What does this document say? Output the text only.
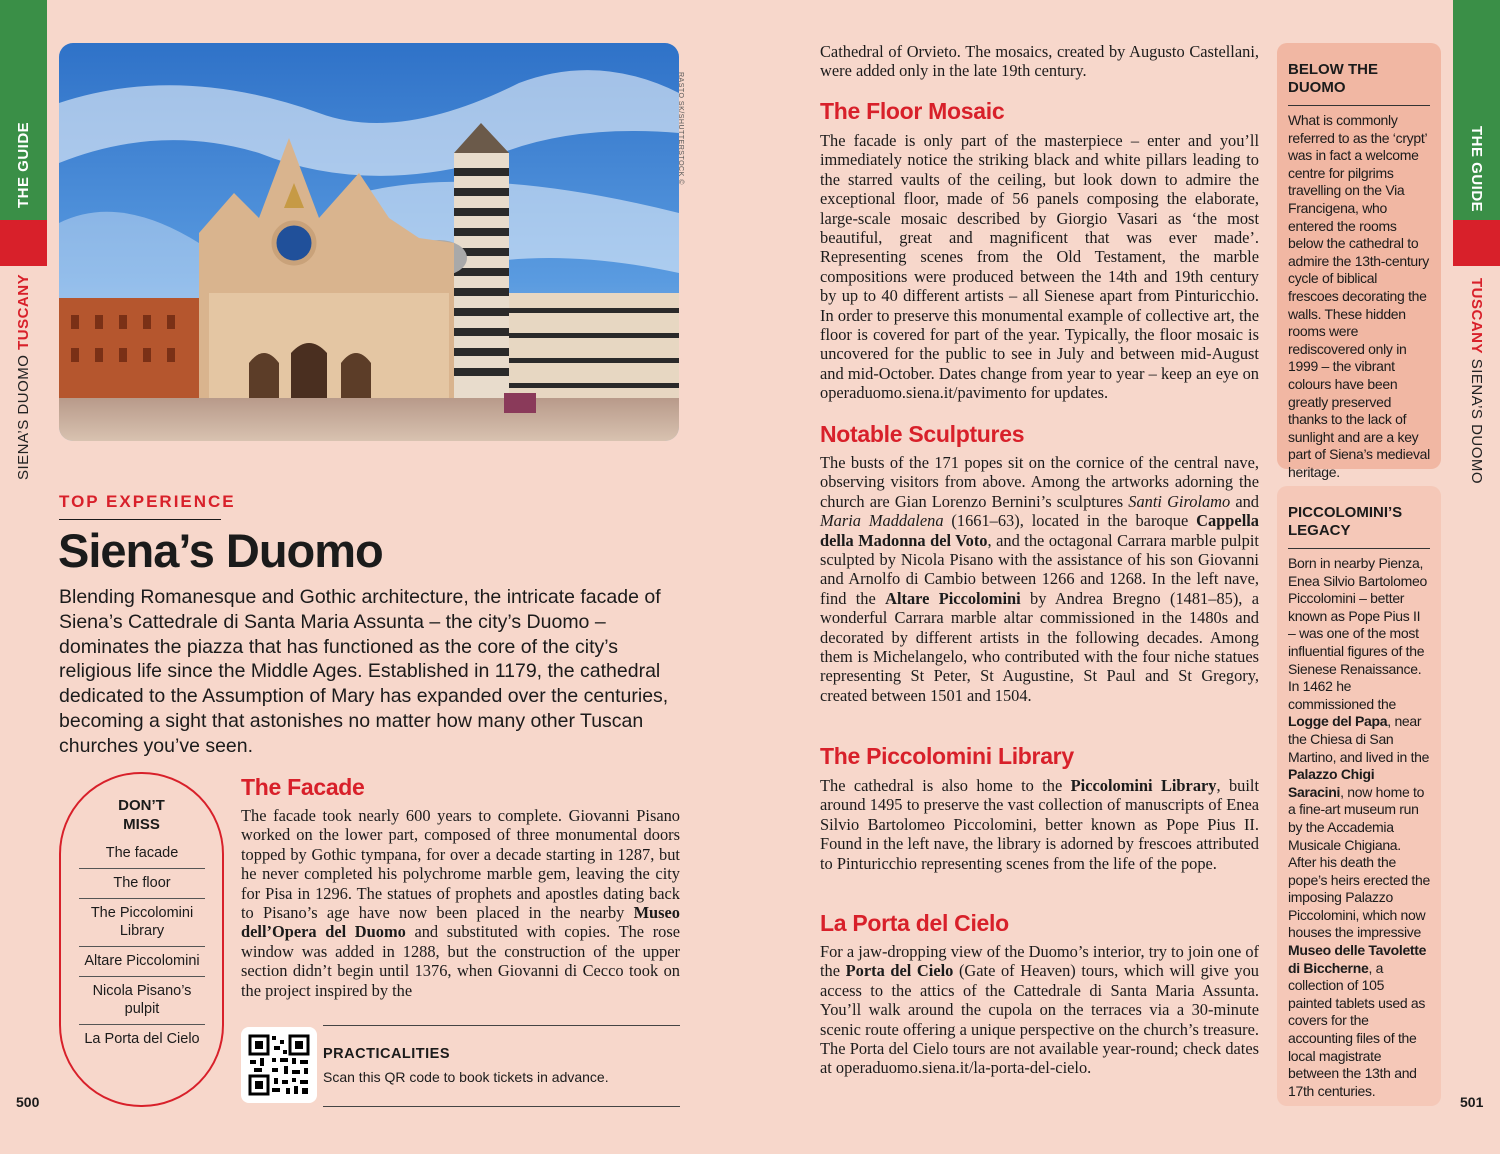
THE GUIDE
SIENA’S DUOMO TUSCANY
500
THE GUIDE
TUSCANY SIENA’S DUOMO
501
RASTO SK/SHUTTERSTOCK ©
TOP EXPERIENCE
Siena’s Duomo

Blending Romanesque and Gothic architecture, the intricate facade of Siena’s Cattedrale di Santa Maria Assunta – the city’s Duomo – dominates the piazza that has functioned as the core of the city’s religious life since the Middle Ages. Established in 1179, the cathedral dedicated to the Assumption of Mary has expanded over the centuries, becoming a sight that astonishes no matter how many other Tuscan churches you’ve seen.

DON’T MISS
The facade
The floor
The Piccolomini Library
Altare Piccolomini
Nicola Pisano’s pulpit
La Porta del Cielo
The Facade

The facade took nearly 600 years to complete. Giovanni Pisano worked on the lower part, composed of three monumental doors topped by Gothic tympana, for over a decade starting in 1287, but he never completed his polychrome marble gem, leaving the city for Pisa in 1296. The statues of prophets and apostles dating back to Pisano’s age have now been placed in the nearby Museo dell’Opera del Duomo and substituted with copies. The rose window was added in 1288, but the construction of the upper section didn’t begin until 1376, when Giovanni di Cecco took on the project inspired by the

PRACTICALITIES
Scan this QR code to book tickets in advance.

Cathedral of Orvieto. The mosaics, created by Augusto Castellani, were added only in the late 19th century.

The Floor Mosaic

The facade is only part of the masterpiece – enter and you’ll immediately notice the striking black and white pillars leading to the starred vaults of the ceiling, but look down to admire the exceptional floor, made of 56 panels composing the elaborate, large-scale mosaic described by Giorgio Vasari as ‘the most beautiful, great and magnificent that was ever made’. Representing scenes from the Old Testament, the marble compositions were produced between the 14th and 19th century by up to 40 different artists – all Sienese apart from Pinturicchio. In order to preserve this monumental example of collective art, the floor is covered for part of the year. Typically, the floor mosaic is uncovered for the public to see in July and between mid-August and mid-October. Dates change from year to year – keep an eye on operaduomo.siena.it/pavimento for updates.

Notable Sculptures

The busts of the 171 popes sit on the cornice of the central nave, observing visitors from above. Among the artworks adorning the church are Gian Lorenzo Bernini’s sculptures Santi Girolamo and Maria Maddalena (1661–63), located in the baroque Cappella della Madonna del Voto, and the octagonal Carrara marble pulpit sculpted by Nicola Pisano with the assistance of his son Giovanni and Arnolfo di Cambio between 1266 and 1268. In the left nave, find the Altare Piccolomini by Andrea Bregno (1481–85), a wonderful Carrara marble altar commissioned in the 1480s and decorated by different artists in the following decades. Among them is Michelangelo, who contributed with the four niche statues representing St Peter, St Augustine, St Paul and St Gregory, created between 1501 and 1504.

The Piccolomini Library

The cathedral is also home to the Piccolomini Library, built around 1495 to preserve the vast collection of manuscripts of Enea Silvio Bartolomeo Piccolomini, better known as Pope Pius II. Found in the left nave, the library is adorned by frescoes attributed to Pinturicchio representing scenes from the life of the pope.

La Porta del Cielo

For a jaw-dropping view of the Duomo’s interior, try to join one of the Porta del Cielo (Gate of Heaven) tours, which will give you access to the attics of the Cattedrale di Santa Maria Assunta. You’ll walk around the cupola on the terraces via a 30-minute scenic route offering a unique perspective on the church’s treasure. The Porta del Cielo tours are not available year-round; check dates at operaduomo.siena.it/la-porta-del-cielo.

BELOW THE DUOMO
What is commonly referred to as the ‘crypt’ was in fact a welcome centre for pilgrims travelling on the Via Francigena, who entered the rooms below the cathedral to admire the 13th-century cycle of biblical frescoes decorating the walls. These hidden rooms were rediscovered only in 1999 – the vibrant colours have been greatly preserved thanks to the lack of sunlight and are a key part of Siena’s medieval heritage.
PICCOLOMINI’S LEGACY
Born in nearby Pienza, Enea Silvio Bartolomeo Piccolomini – better known as Pope Pius II – was one of the most influential figures of the Sienese Renaissance. In 1462 he commissioned the Logge del Papa, near the Chiesa di San Martino, and lived in the Palazzo Chigi Saracini, now home to a fine-art museum run by the Accademia Musicale Chigiana. After his death the pope’s heirs erected the imposing Palazzo Piccolomini, which now houses the impressive Museo delle Tavolette di Biccherne, a collection of 105 painted tablets used as covers for the accounting files of the local magistrate between the 13th and 17th centuries.
